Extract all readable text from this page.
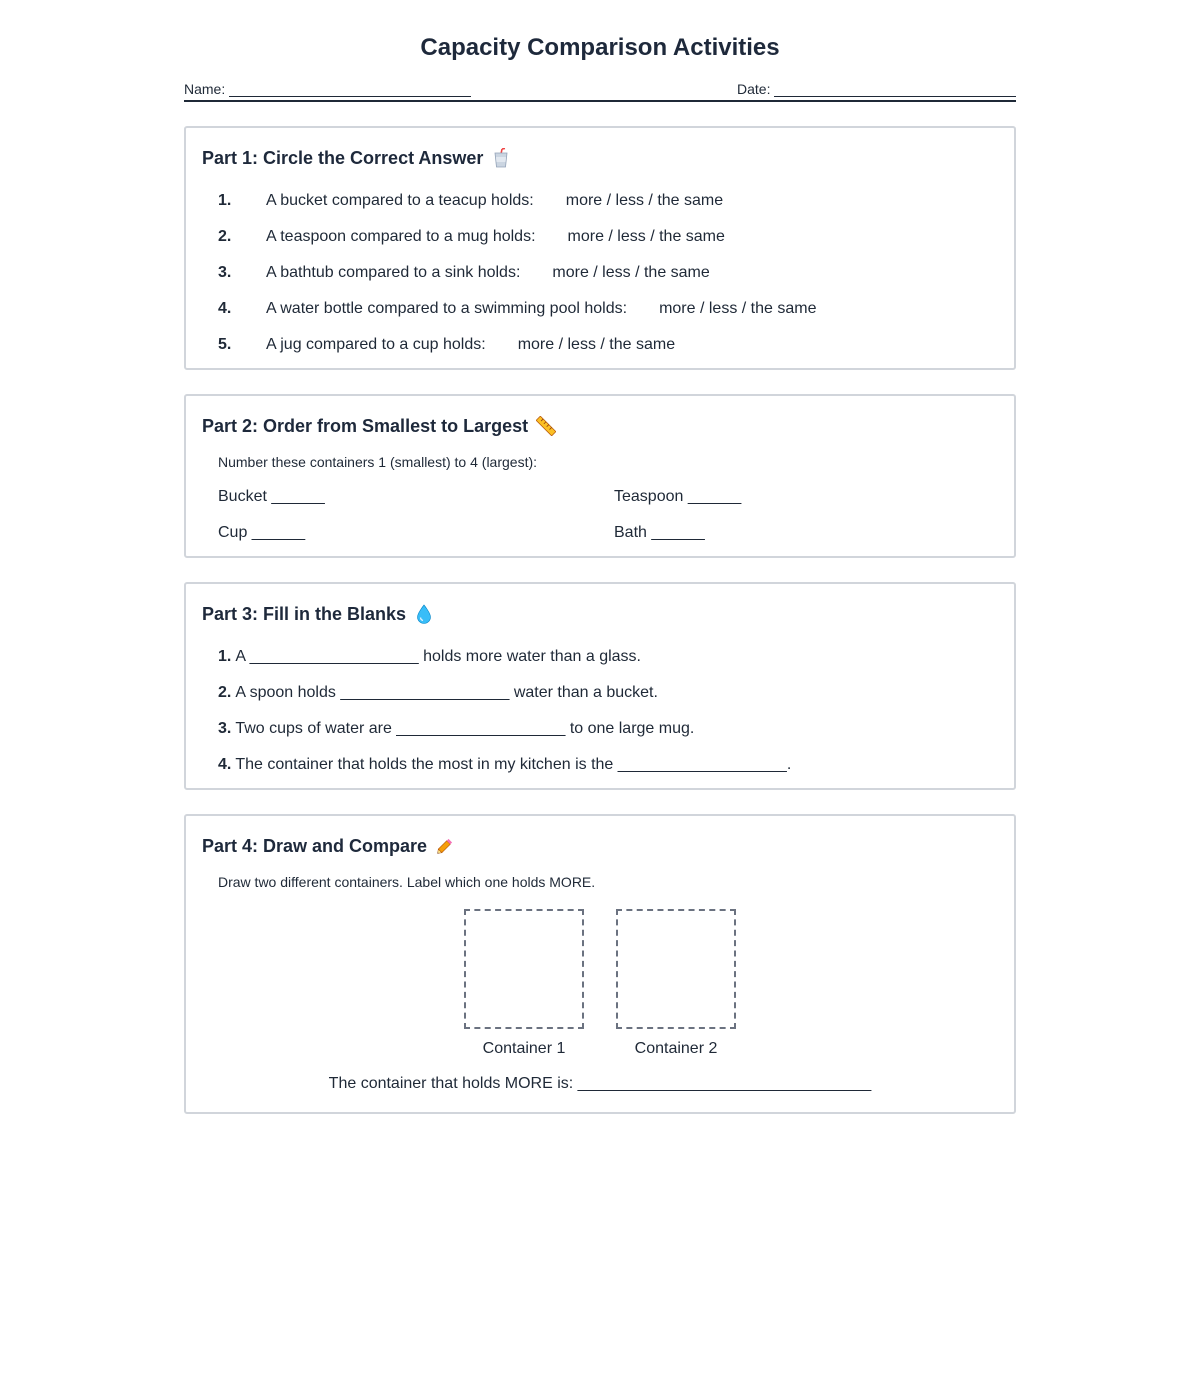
Capacity Comparison Activities
Name:	Date:
Part 1: Circle the Correct Answer
1.	A bucket compared to a teacup holds: more / less / the same
2.	A teaspoon compared to a mug holds: more / less / the same
3.	A bathtub compared to a sink holds: more / less / the same
4.	A water bottle compared to a swimming pool holds: more / less / the same
5.	A jug compared to a cup holds: more / less / the same
Part 2: Order from Smallest to Largest
Number these containers 1 (smallest) to 4 (largest):
Bucket ______	Teaspoon ______
Cup ______	Bath ______
Part 3: Fill in the Blanks
1. A ___________________ holds more water than a glass.
2. A spoon holds ___________________ water than a bucket.
3. Two cups of water are ___________________ to one large mug.
4. The container that holds the most in my kitchen is the ___________________.
Part 4: Draw and Compare
Draw two different containers. Label which one holds MORE.
Container 1	Container 2
The container that holds MORE is: _________________________________
